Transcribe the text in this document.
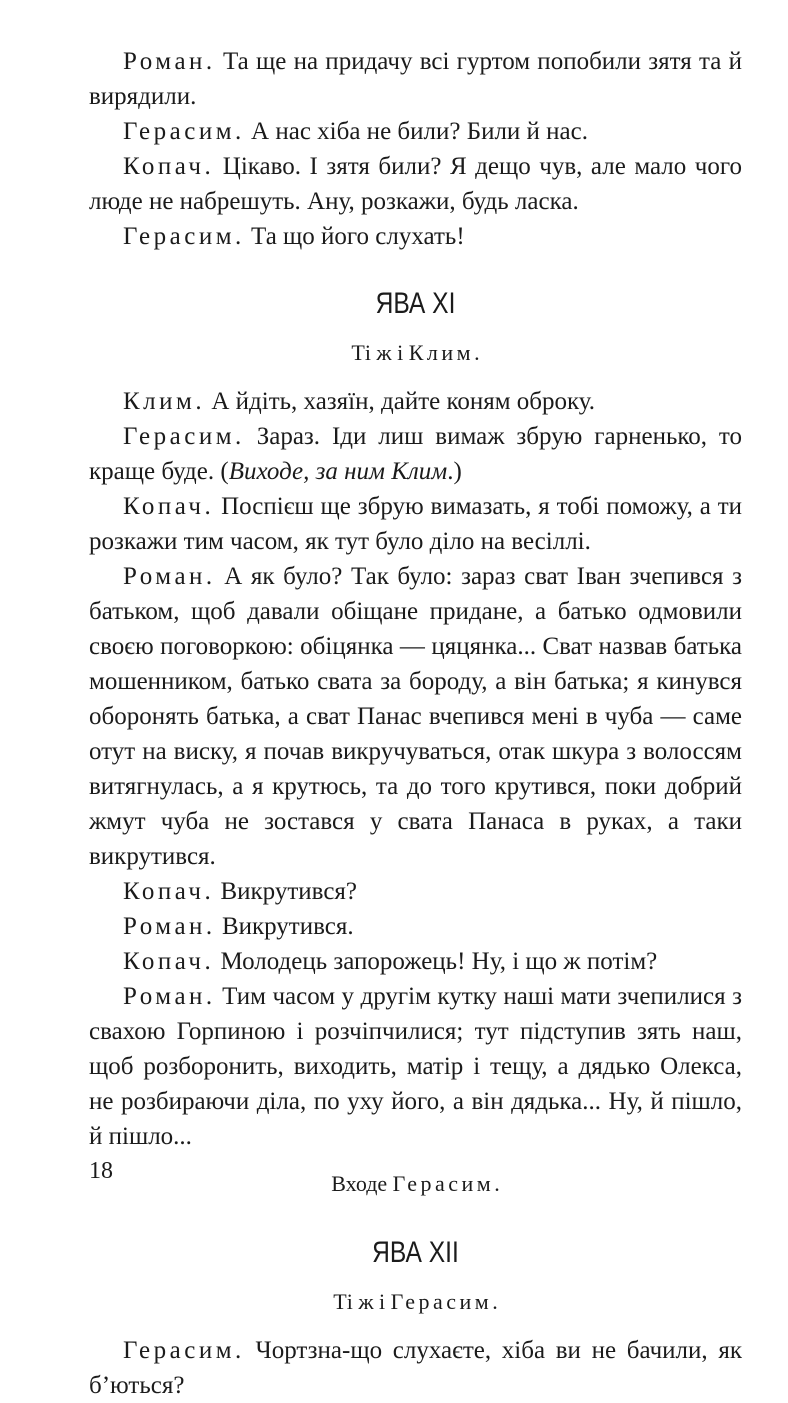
Роман. Та ще на придачу всі гуртом попобили зятя та й вирядили.

Герасим. А нас хіба не били? Били й нас.

Копач. Цікаво. І зятя били? Я дещо чув, але мало чого люде не набрешуть. Ану, розкажи, будь ласка.

Герасим. Та що його слухать!

ЯВА XI

Ті ж і Клим.

Клим. А йдіть, хазяїн, дайте коням оброку.

Герасим. Зараз. Іди лиш вимаж збрую гарненько, то краще буде. (Виходе, за ним Клим.)

Копач. Поспієш ще збрую вимазать, я тобі поможу, а ти розкажи тим часом, як тут було діло на весіллі.

Роман. А як було? Так було: зараз сват Іван зчепився з батьком, щоб давали обіщане придане, а батько одмовили своєю поговоркою: обіцянка — цяцянка... Сват назвав батька мошенником, батько свата за бороду, а він батька; я кинувся оборонять батька, а сват Панас вчепився мені в чуба — саме отут на виску, я почав викручуваться, отак шкура з волоссям витягнулась, а я крутюсь, та до того крутився, поки добрий жмут чуба не зостався у свата Панаса в руках, а таки викрутився.

Копач. Викрутився?

Роман. Викрутився.

Копач. Молодець запорожець! Ну, і що ж потім?

Роман. Тим часом у другім кутку наші мати зчепилися з свахою Горпиною і розчіпчилися; тут підступив зять наш, щоб розборонить, виходить, матір і тещу, а дядько Олекса, не розбираючи діла, по уху його, а він дядька... Ну, й пішло, й пішло...

Входе Герасим.

ЯВА XII

Ті ж і Герасим.

Герасим. Чортзна-що слухаєте, хіба ви не бачили, як б’ються?

18
